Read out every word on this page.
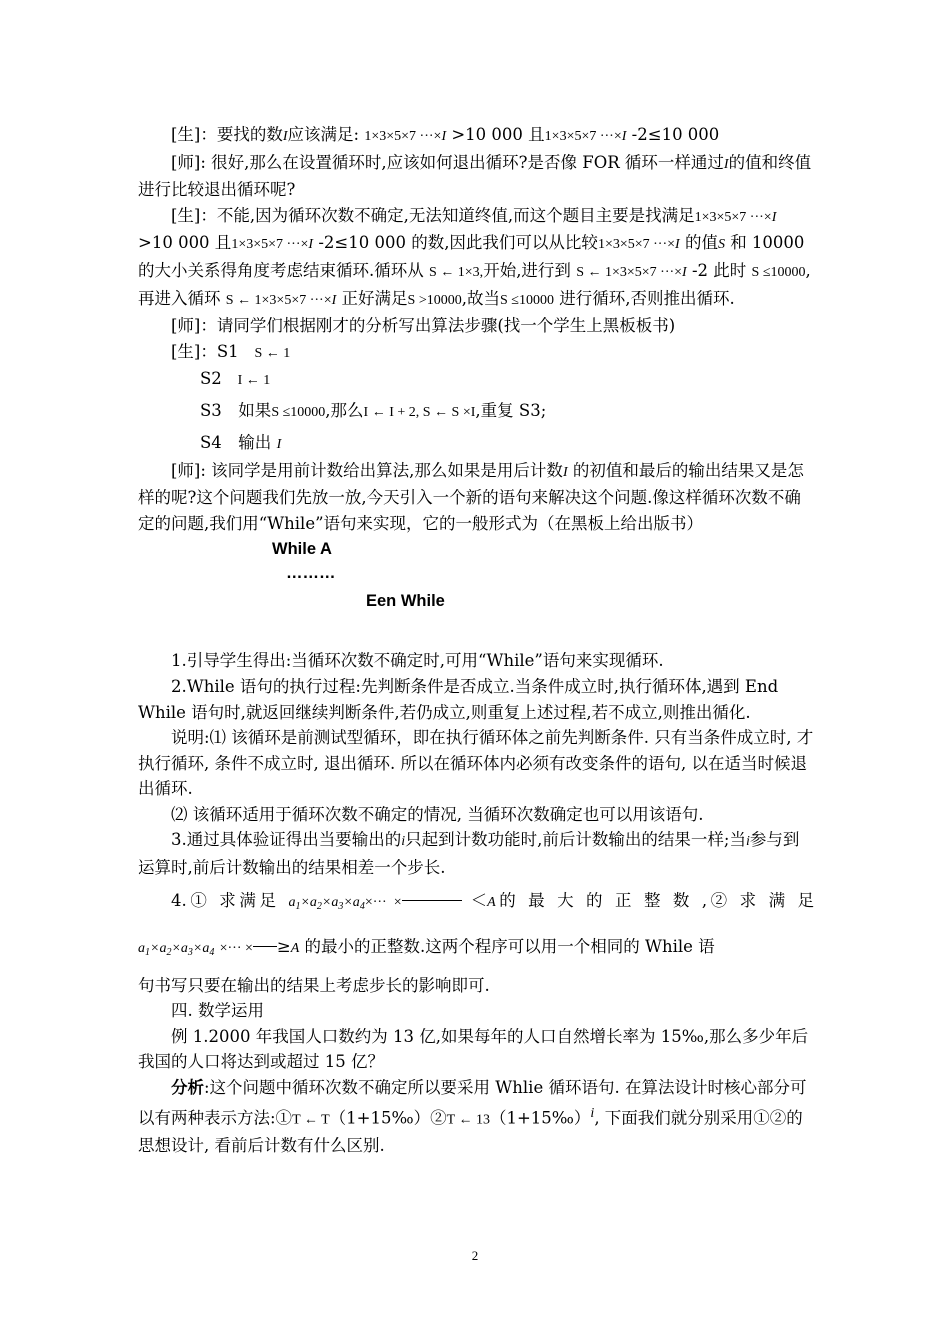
[生]：要找的数I应该满足: 1×3×5×7 ···×I >10 000 且1×3×5×7 ···×I -2≤10 000

[师]: 很好,那么在设置循环时,应该如何退出循环?是否像 FOR 循环一样通过I的值和终值进行比较退出循环呢?

[生]：不能,因为循环次数不确定,无法知道终值,而这个题目主要是找满足1×3×5×7 ···×I >10 000 且1×3×5×7 ···×I -2≤10 000 的数,因此我们可以从比较1×3×5×7 ···×I 的值S 和 10000 的大小关系得角度考虑结束循环.循环从 S ← 1×3,开始,进行到 S ← 1×3×5×7 ···×I -2 此时 S ≤10000,再进入循环 S ← 1×3×5×7 ···×I 正好满足S >10000,故当S ≤10000 进行循环,否则推出循环.

[师]：请同学们根据刚才的分析写出算法步骤(找一个学生上黑板板书)

[生]：S1 S ← 1

S2 I ← 1

S3　如果S ≤10000,那么I ← I + 2, S ← S ×I,重复 S3;

S4　输出 I

[师]: 该同学是用前计数给出算法,那么如果是用后计数I 的初值和最后的输出结果又是怎样的呢?这个问题我们先放一放,今天引入一个新的语句来解决这个问题.像这样循环次数不确定的问题,我们用“While”语句来实现，它的一般形式为（在黑板上给出版书）

While A

………

Een While

1.引导学生得出:当循环次数不确定时,可用“While”语句来实现循环.

2.While 语句的执行过程:先判断条件是否成立.当条件成立时,执行循环体,遇到 End While 语句时,就返回继续判断条件,若仍成立,则重复上述过程,若不成立,则推出循化.

说明:⑴ 该循环是前测试型循环，即在执行循环体之前先判断条件. 只有当条件成立时, 才执行循环, 条件不成立时, 退出循环. 所以在循环体内必须有改变条件的语句, 以在适当时候退出循环.

⑵ 该循环适用于循环次数不确定的情况, 当循环次数确定也可以用该语句.

3.通过具体验证得出当要输出的i只起到计数功能时,前后计数输出的结果一样;当i参与到运算时,前后计数输出的结果相差一个步长.

4.① 求满足 $a_1\times a_2\times a_3\times a_4\times\cdot\cdot\cdot$ ×	＜A的 最 大 的 正 整 数 ,② 求 满 足

$a_1\times a_2\times a_3\times a_4$ ×··· × ≥A 的最小的正整数.这两个程序可以用一个相同的 While 语

句书写只要在输出的结果上考虑步长的影响即可.

四. 数学运用

例 1.2000 年我国人口数约为 13 亿,如果每年的人口自然增长率为 15‰,那么多少年后我国的人口将达到或超过 15 亿？

分析:这个问题中循环次数不确定所以要采用 Whlie 循环语句. 在算法设计时核心部分可以有两种表示方法:①T ← T（1+15‰）②T ← 13（1+15‰）$^i$, 下面我们就分别采用①②的思想设计, 看前后计数有什么区别.

2
